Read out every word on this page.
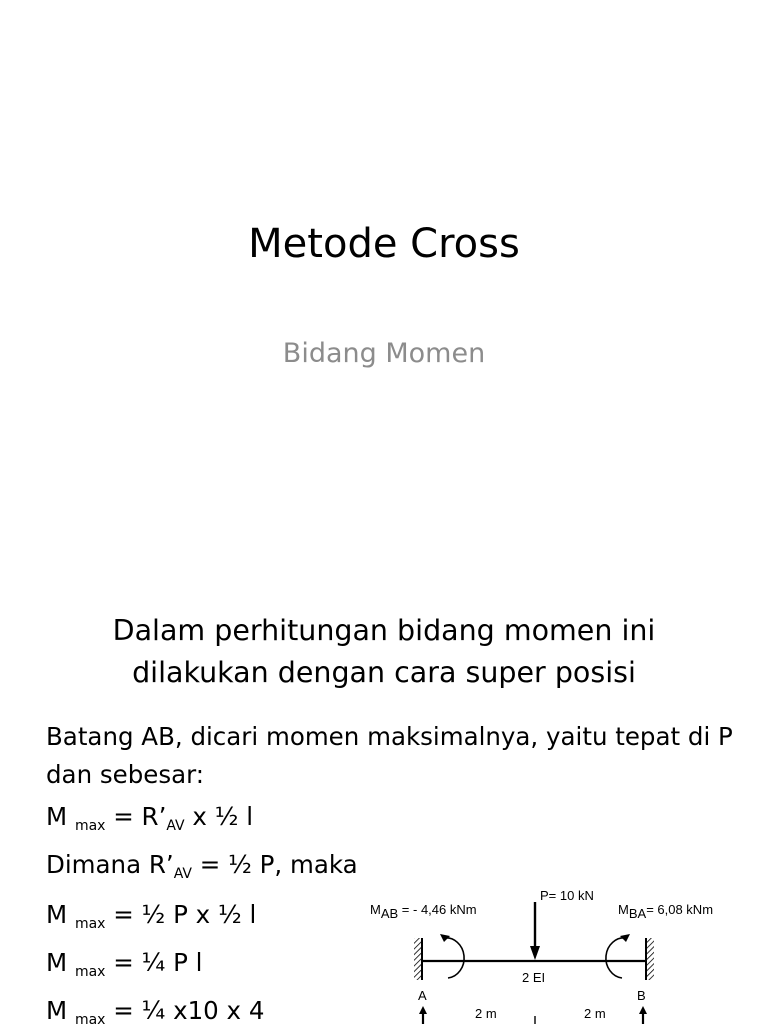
Metode Cross
Bidang Momen
Dalam perhitungan bidang momen ini
dilakukan dengan cara super posisi
Batang AB, dicari momen maksimalnya, yaitu tepat di P dan sebesar:
M $_{max} = R’_{AV}$ x ½ l
Dimana $R’_{AV}$ = ½ P, maka
M $_{max}$ = ½ P x ½ l
M $_{max}$ = ¼ P l
M $_{max}$ = ¼ x10 x 4
MAB = - 4,46 kNm
P= 10 kN
MBA= 6,08 kNm
2 EI
A	B
2 m	2 m
